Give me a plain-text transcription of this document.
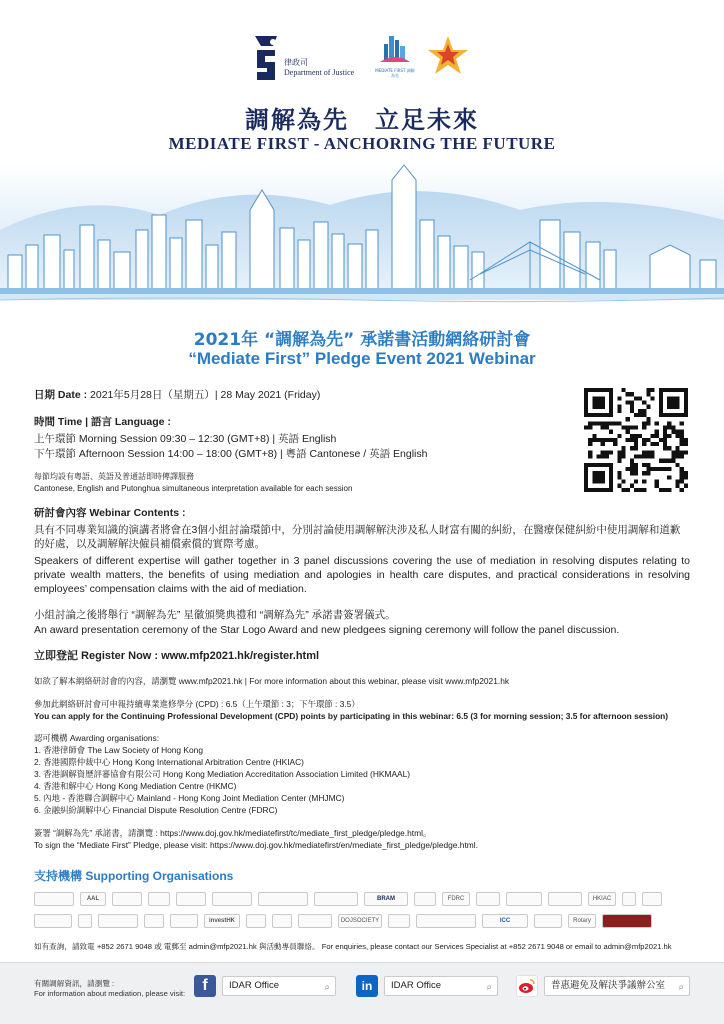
律政司
Department of Justice	MEDIATE FIRST 調解為先
調解為先　立足未來
MEDIATE FIRST - ANCHORING THE FUTURE
2021年 “調解為先” 承諾書活動網絡研討會
“Mediate First” Pledge Event 2021 Webinar
日期 Date : 2021年5月28日（星期五）| 28 May 2021 (Friday)
時間 Time | 語言 Language :
上午環節 Morning Session 09:30 – 12:30 (GMT+8) | 英語 English
下午環節 Afternoon Session 14:00 – 18:00 (GMT+8) | 粵語 Cantonese / 英語 English
每節均設有粵語、英語及普通話即時傳譯服務
Cantonese, English and Putonghua simultaneous interpretation available for each session
研討會內容 Webinar Contents :
具有不同專業知識的演講者將會在3個小組討論環節中，分別討論使用調解解決涉及私人財富有關的糾紛，在醫療保健糾紛中使用調解和道歉的好處，以及調解解決僱員補償索償的實際考慮。
Speakers of different expertise will gather together in 3 panel discussions covering the use of mediation in resolving disputes relating to private wealth matters, the benefits of using mediation and apologies in health care disputes, and practical considerations in resolving employees’ compensation claims with the aid of mediation.
小組討論之後將舉行 “調解為先” 星徽頒獎典禮和 “調解為先” 承諾書簽署儀式。
An award presentation ceremony of the Star Logo Award and new pledgees signing ceremony will follow the panel discussion.
立即登記 Register Now : www.mfp2021.hk/register.html
如欲了解本網絡研討會的內容，請瀏覽 www.mfp2021.hk | For more information about this webinar, please visit www.mfp2021.hk
參加此網絡研討會可申報持續專業進修學分 (CPD) : 6.5（上午環節 : 3；下午環節 : 3.5）
You can apply for the Continuing Professional Development (CPD) points by participating in this webinar: 6.5 (3 for morning session; 3.5 for afternoon session)
認可機構 Awarding organisations:
1. 香港律師會 The Law Society of Hong Kong
2. 香港國際仲裁中心 Hong Kong International Arbitration Centre (HKIAC)
3. 香港調解資歷評審協會有限公司 Hong Kong Mediation Accreditation Association Limited (HKMAAL)
4. 香港和解中心 Hong Kong Mediation Centre (HKMC)
5. 內地 - 香港聯合調解中心 Mainland - Hong Kong Joint Mediation Center (MHJMC)
6. 金融糾紛調解中心 Financial Dispute Resolution Centre (FDRC)
簽署 “調解為先” 承諾書，請瀏覽 : https://www.doj.gov.hk/mediatefirst/tc/mediate_first_pledge/pledge.html。
To sign the “Mediate First” Pledge, please visit: https://www.doj.gov.hk/mediatefirst/en/mediate_first_pledge/pledge.html.
支持機構 Supporting Organisations
AAL	BRAM	FDRC	HKIAC
investHK	DOJSOCIETY	ICC	Rotary
如有查詢，請致電 +852 2671 9048 或 電郵至 admin@mfp2021.hk 與活動專員聯絡。 For enquiries, please contact our Services Specialist at +852 2671 9048 or email to admin@mfp2021.hk
有關調解資訊，請瀏覽 :
For information about mediation, please visit:	f	IDAR Office	⌕	in	IDAR Office	⌕	普惠避免及解決爭議辦公室 ⌕
